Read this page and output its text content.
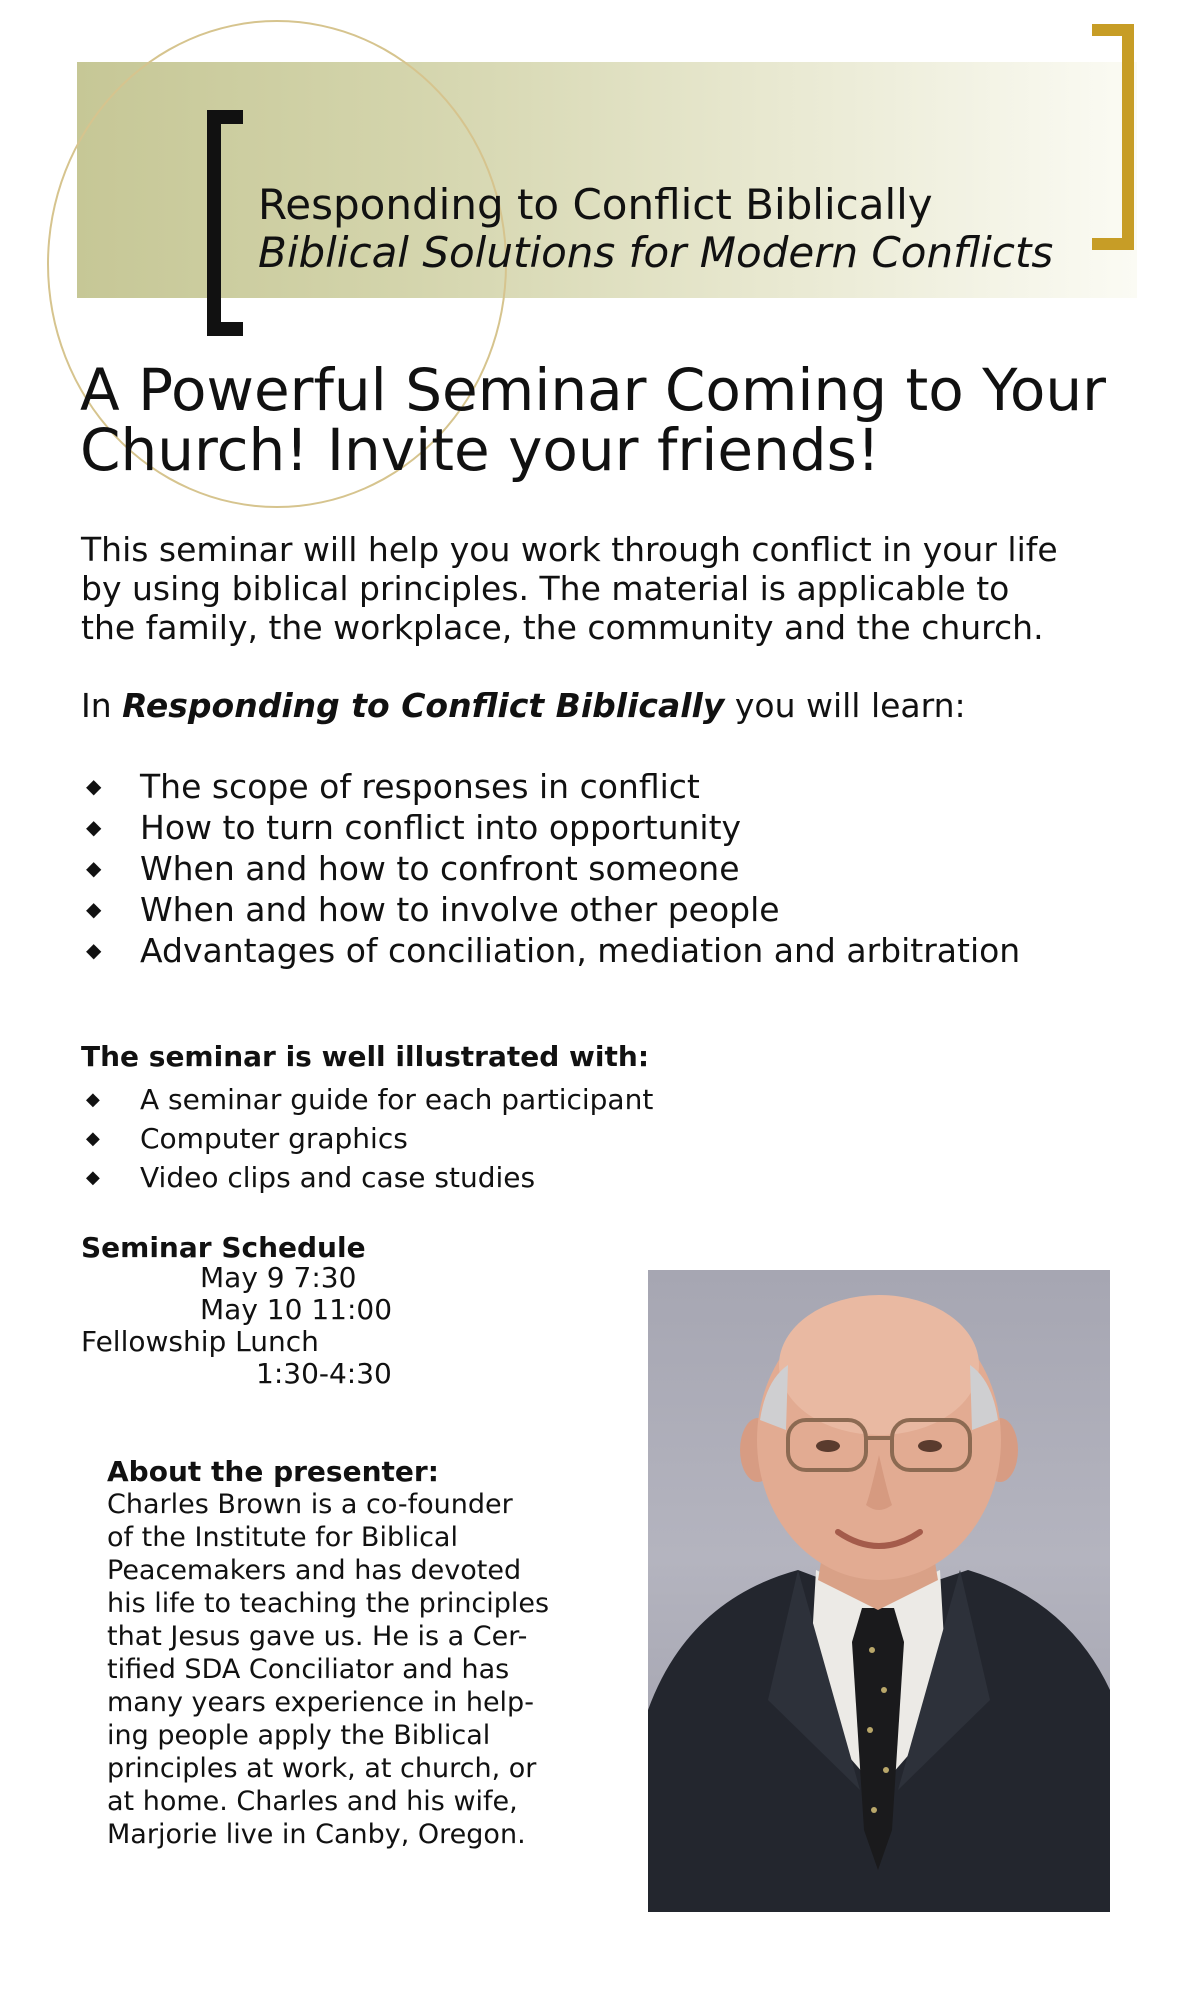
Responding to Conflict Biblically
Biblical Solutions for Modern Conflicts
A Powerful Seminar Coming to Your
Church! Invite your friends!
This seminar will help you work through conflict in your life
by using biblical principles. The material is applicable to
the family, the workplace, the community and the church.
In Responding to Conflict Biblically you will learn:
◆ The scope of responses in conflict
◆ How to turn conflict into opportunity
◆ When and how to confront someone
◆ When and how to involve other people
◆ Advantages of conciliation, mediation and arbitration
The seminar is well illustrated with:
◆ A seminar guide for each participant
◆ Computer graphics
◆ Video clips and case studies
Seminar Schedule
May 9 7:30
May 10 11:00
Fellowship Lunch
1:30-4:30
About the presenter:
Charles Brown is a co-founder
of the Institute for Biblical
Peacemakers and has devoted
his life to teaching the principles
that Jesus gave us. He is a Cer-
tified SDA Conciliator and has
many years experience in help-
ing people apply the Biblical
principles at work, at church, or
at home. Charles and his wife,
Marjorie live in Canby, Oregon.
